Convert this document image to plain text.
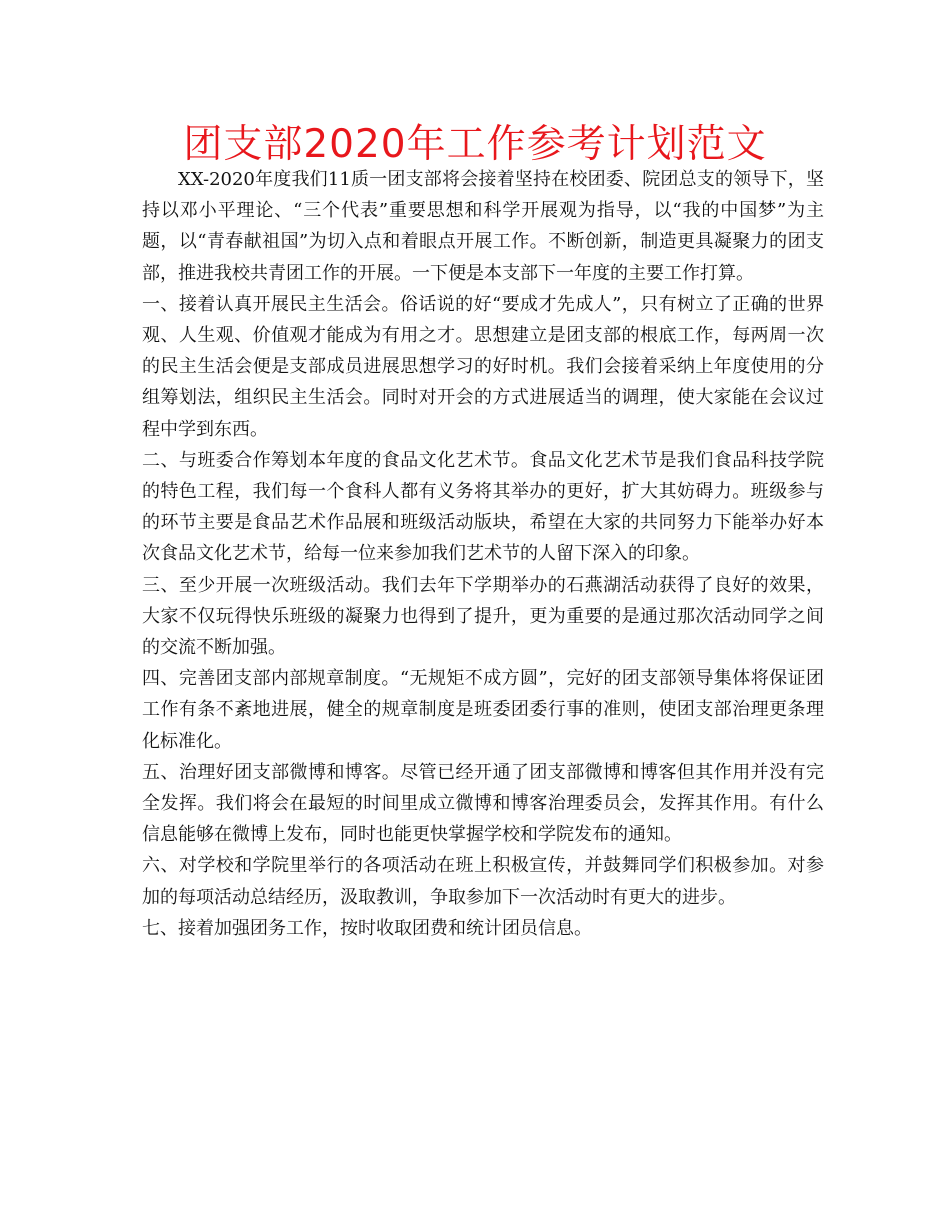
团支部2020年工作参考计划范文

XX-2020年度我们11质一团支部将会接着坚持在校团委、院团总支的领导下，坚持以邓小平理论、“三个代表”重要思想和科学开展观为指导，以“我的中国梦”为主题，以“青春献祖国”为切入点和着眼点开展工作。不断创新，制造更具凝聚力的团支部，推进我校共青团工作的开展。一下便是本支部下一年度的主要工作打算。

一、接着认真开展民主生活会。俗话说的好“要成才先成人”，只有树立了正确的世界观、人生观、价值观才能成为有用之才。思想建立是团支部的根底工作，每两周一次的民主生活会便是支部成员进展思想学习的好时机。我们会接着采纳上年度使用的分组筹划法，组织民主生活会。同时对开会的方式进展适当的调理，使大家能在会议过程中学到东西。

二、与班委合作筹划本年度的食品文化艺术节。食品文化艺术节是我们食品科技学院的特色工程，我们每一个食科人都有义务将其举办的更好，扩大其妨碍力。班级参与的环节主要是食品艺术作品展和班级活动版块，希望在大家的共同努力下能举办好本次食品文化艺术节，给每一位来参加我们艺术节的人留下深入的印象。

三、至少开展一次班级活动。我们去年下学期举办的石燕湖活动获得了良好的效果，大家不仅玩得快乐班级的凝聚力也得到了提升，更为重要的是通过那次活动同学之间的交流不断加强。

四、完善团支部内部规章制度。“无规矩不成方圆”，完好的团支部领导集体将保证团工作有条不紊地进展，健全的规章制度是班委团委行事的准则，使团支部治理更条理化标准化。

五、治理好团支部微博和博客。尽管已经开通了团支部微博和博客但其作用并没有完全发挥。我们将会在最短的时间里成立微博和博客治理委员会，发挥其作用。有什么信息能够在微博上发布，同时也能更快掌握学校和学院发布的通知。

六、对学校和学院里举行的各项活动在班上积极宣传，并鼓舞同学们积极参加。对参加的每项活动总结经历，汲取教训，争取参加下一次活动时有更大的进步。

七、接着加强团务工作，按时收取团费和统计团员信息。
